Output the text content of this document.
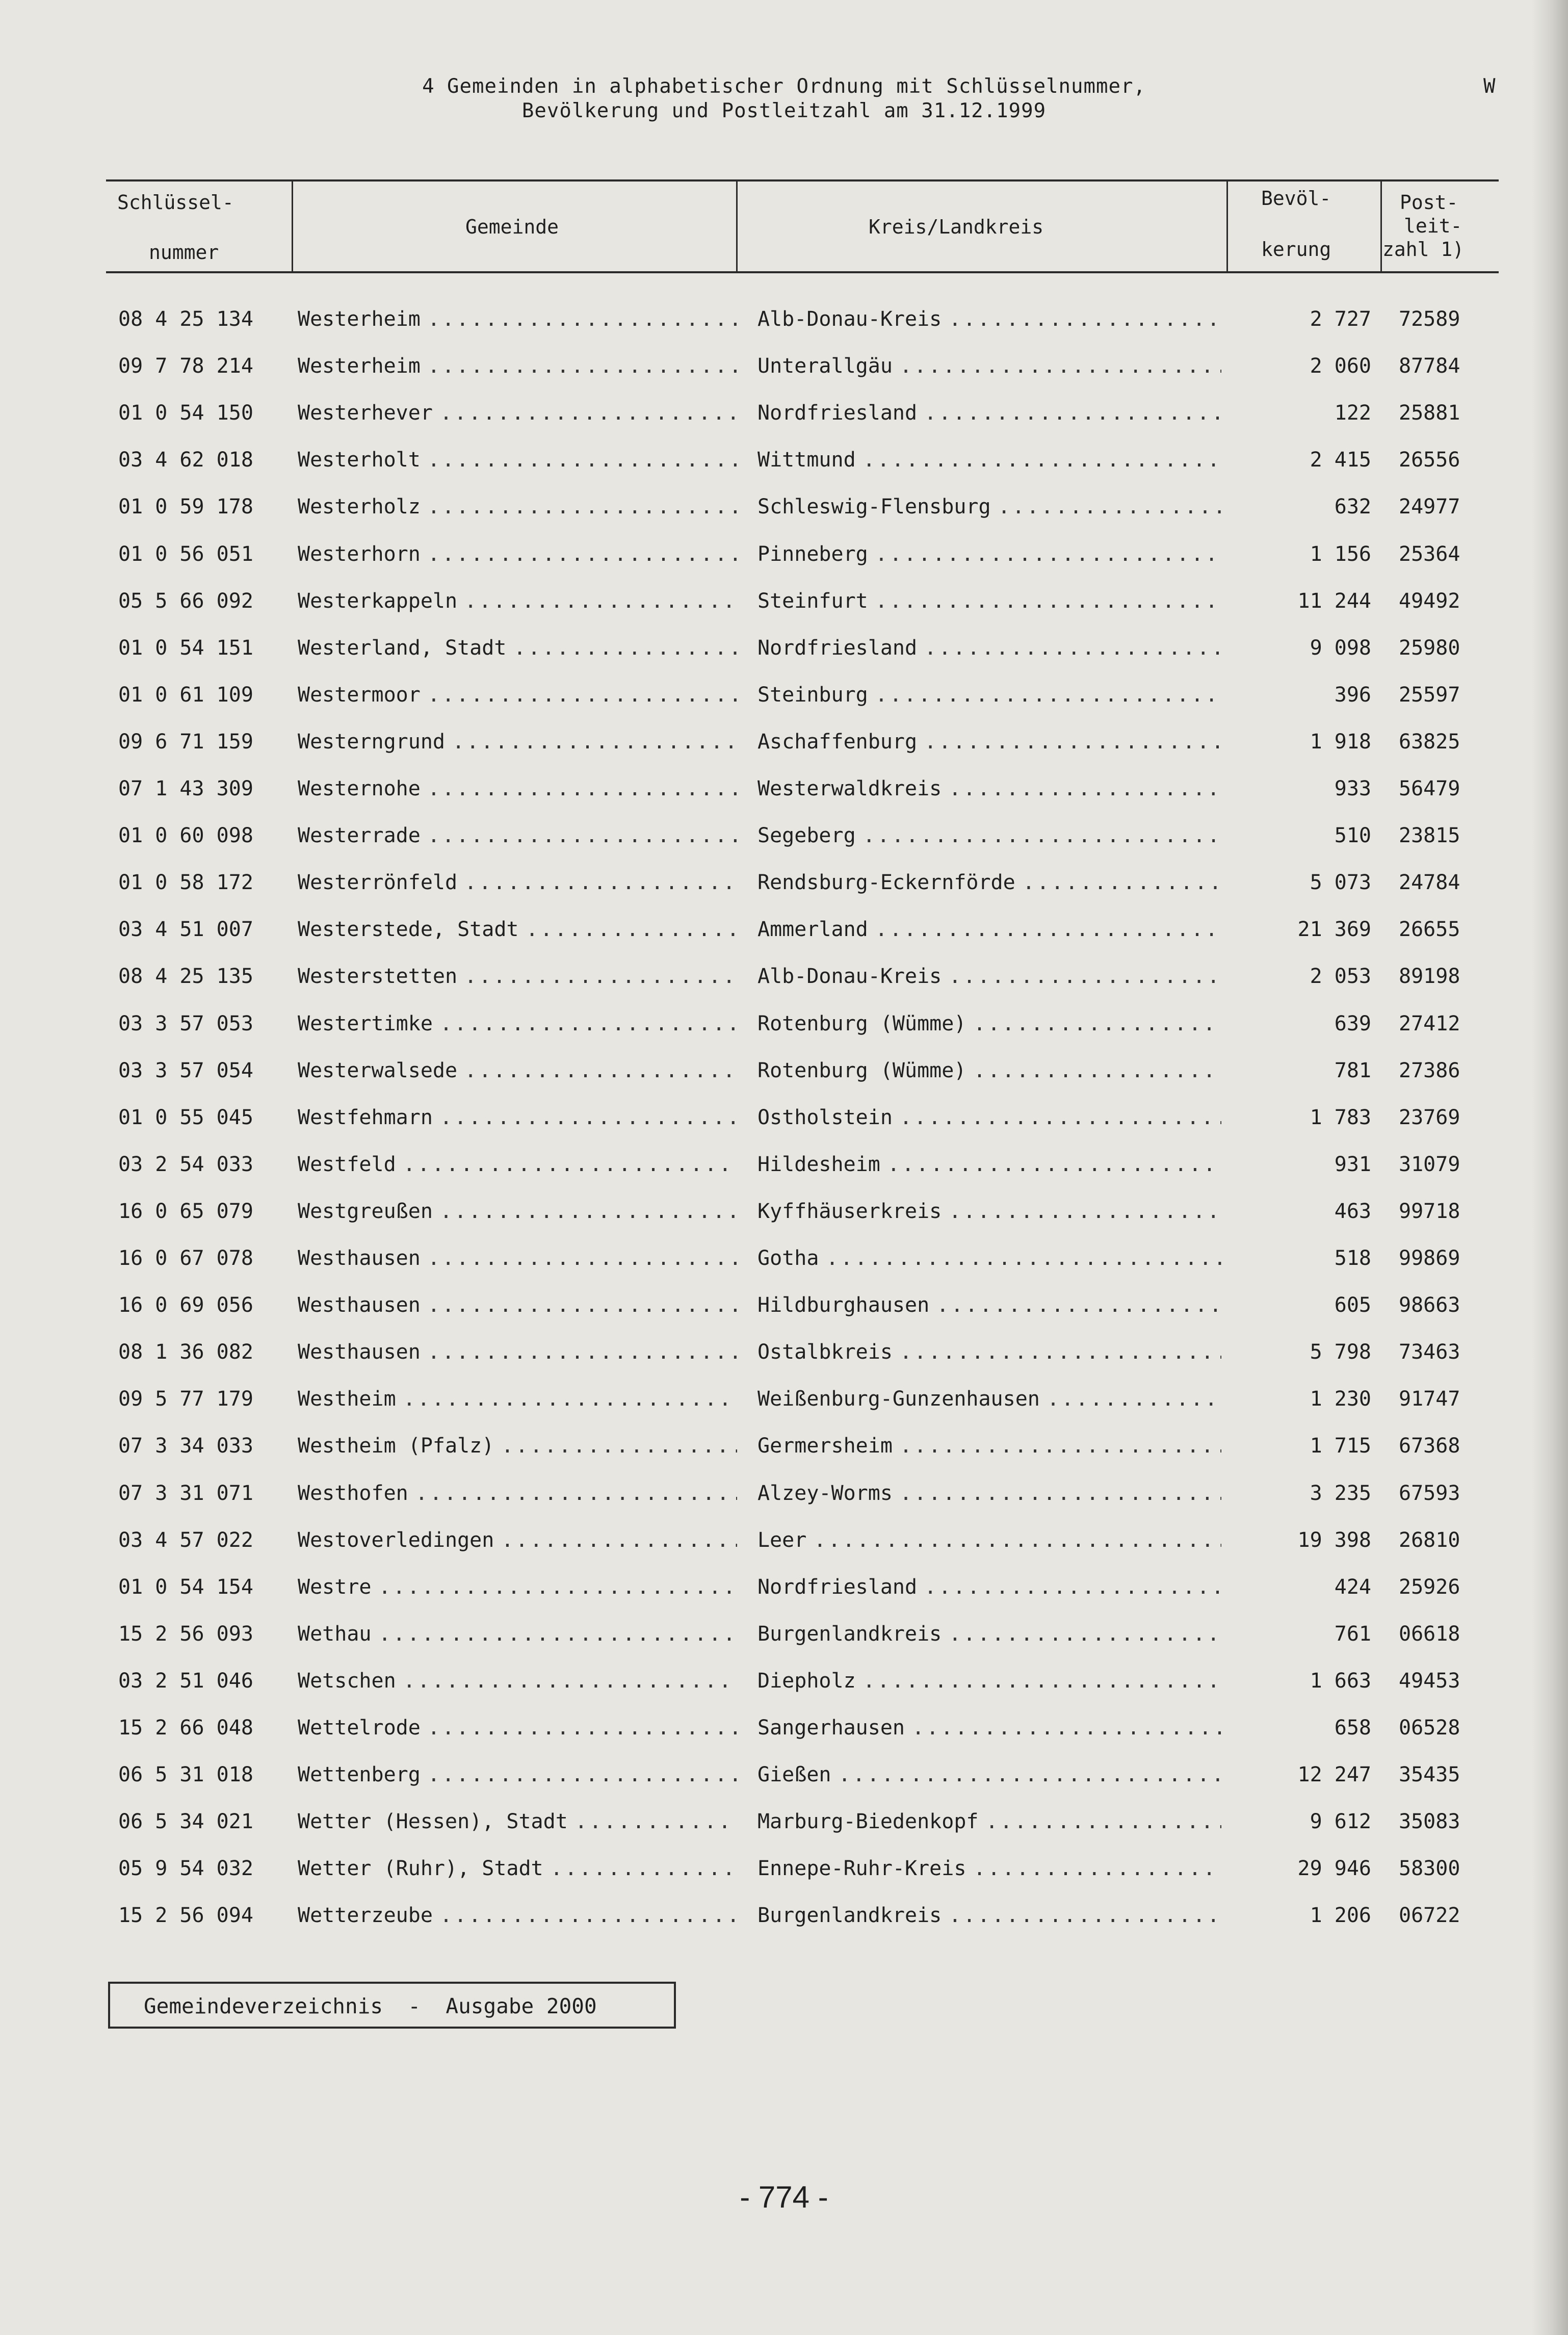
4 Gemeinden in alphabetischer Ordnung mit Schlüsselnummer,
Bevölkerung und Postleitzahl am 31.12.1999
W
Schlüssel-
nummer
Gemeinde	Kreis/Landkreis
Bevöl-
kerung
Post-
leit-
zahl 1)
08 4 25 134 Westerheim . . .	Alb-Donau-Kreis . . .	2 727 72589
09 7 78 214 Westerheim . . .	Unterallgäu . . .	2 060 87784
01 0 54 150 Westerhever . . .	Nordfriesland . . .	122 25881
03 4 62 018 Westerholt . . .	Wittmund . . .	2 415 26556
01 0 59 178 Westerholz . . .	Schleswig-Flensburg . . .	632 24977
01 0 56 051 Westerhorn . . .	Pinneberg . . .	1 156 25364
05 5 66 092 Westerkappeln . . .	Steinfurt . . .	11 244 49492
01 0 54 151 Westerland, Stadt . . .	Nordfriesland . . .	9 098 25980
01 0 61 109 Westermoor . . .	Steinburg . . .	396 25597
09 6 71 159 Westerngrund . . .	Aschaffenburg . . .	1 918 63825
07 1 43 309 Westernohe . . .	Westerwaldkreis . . .	933 56479
01 0 60 098 Westerrade . . .	Segeberg . . .	510 23815
01 0 58 172 Westerrönfeld . . .	Rendsburg-Eckernförde . . .	5 073 24784
03 4 51 007 Westerstede, Stadt . . .	Ammerland . . .	21 369 26655
08 4 25 135 Westerstetten . . .	Alb-Donau-Kreis . . .	2 053 89198
03 3 57 053 Westertimke . . .	Rotenburg (Wümme) . . .	639 27412
03 3 57 054 Westerwalsede . . .	Rotenburg (Wümme) . . .	781 27386
01 0 55 045 Westfehmarn . . .	Ostholstein . . .	1 783 23769
03 2 54 033 Westfeld . . .	Hildesheim . . .	931 31079
16 0 65 079 Westgreußen . . .	Kyffhäuserkreis . . .	463 99718
16 0 67 078 Westhausen . . .	Gotha . . .	518 99869
16 0 69 056 Westhausen . . .	Hildburghausen . . .	605 98663
08 1 36 082 Westhausen . . .	Ostalbkreis . . .	5 798 73463
09 5 77 179 Westheim . . .	Weißenburg-Gunzenhausen . . .	1 230 91747
07 3 34 033 Westheim (Pfalz) . . .	Germersheim . . .	1 715 67368
07 3 31 071 Westhofen . . .	Alzey-Worms . . .	3 235 67593
03 4 57 022 Westoverledingen . . .	Leer . . .	19 398 26810
01 0 54 154 Westre . . .	Nordfriesland . . .	424 25926
15 2 56 093 Wethau . . .	Burgenlandkreis . . .	761 06618
03 2 51 046 Wetschen . . .	Diepholz . . .	1 663 49453
15 2 66 048 Wettelrode . . .	Sangerhausen . . .	658 06528
06 5 31 018 Wettenberg . . .	Gießen . . .	12 247 35435
06 5 34 021 Wetter (Hessen), Stadt . . .	Marburg-Biedenkopf . . .	9 612 35083
05 9 54 032 Wetter (Ruhr), Stadt . . .	Ennepe-Ruhr-Kreis . . .	29 946 58300
15 2 56 094 Wetterzeube . . .	Burgenlandkreis . . .	1 206 06722
Gemeindeverzeichnis  -  Ausgabe 2000
- 774 -
